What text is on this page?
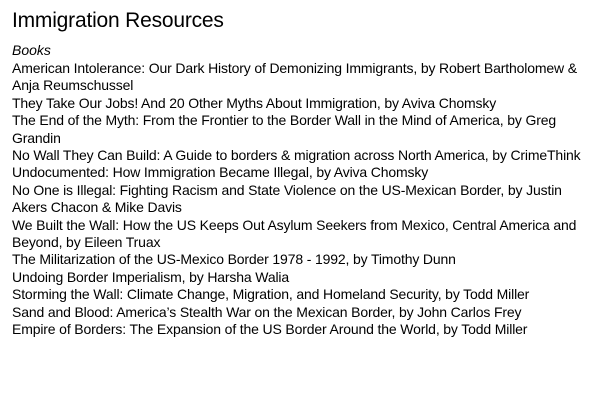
Immigration Resources
Books
American Intolerance: Our Dark History of Demonizing Immigrants, by Robert Bartholomew & Anja Reumschussel
They Take Our Jobs! And 20 Other Myths About Immigration, by Aviva Chomsky
The End of the Myth: From the Frontier to the Border Wall in the Mind of America, by Greg Grandin
No Wall They Can Build: A Guide to borders & migration across North America, by CrimeThink
Undocumented: How Immigration Became Illegal, by Aviva Chomsky
No One is Illegal: Fighting Racism and State Violence on the US-Mexican Border, by Justin Akers Chacon & Mike Davis
We Built the Wall: How the US Keeps Out Asylum Seekers from Mexico, Central America and Beyond, by Eileen Truax
The Militarization of the US-Mexico Border 1978 - 1992, by Timothy Dunn
Undoing Border Imperialism, by Harsha Walia
Storming the Wall: Climate Change, Migration, and Homeland Security, by Todd Miller
Sand and Blood: America’s Stealth War on the Mexican Border, by John Carlos Frey
Empire of Borders: The Expansion of the US Border Around the World, by Todd Miller
